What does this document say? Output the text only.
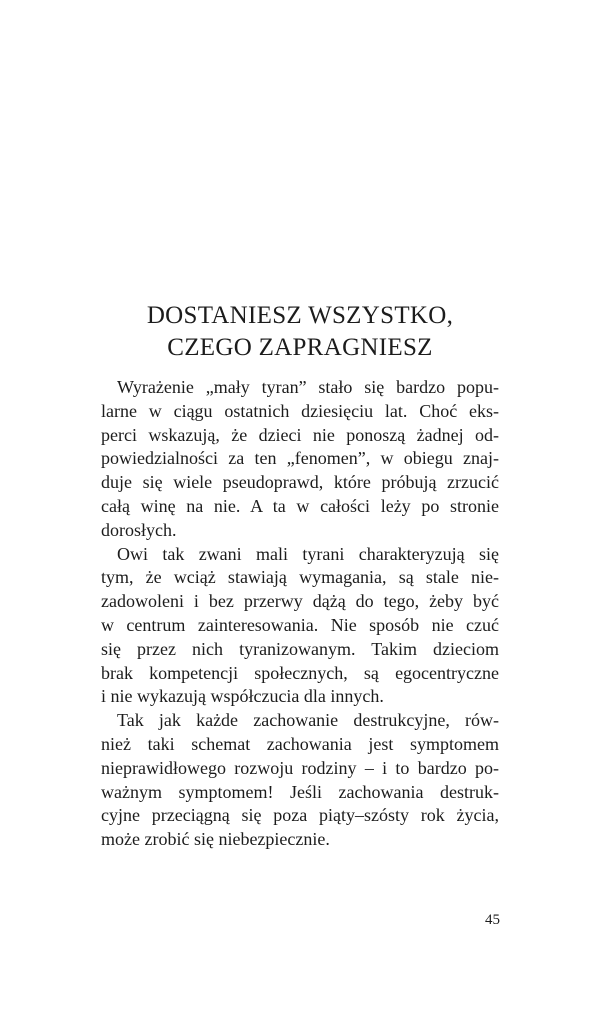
DOSTANIESZ WSZYSTKO,
CZEGO ZAPRAGNIESZ

Wyrażenie „mały tyran” stało się bardzo popu-
larne w ciągu ostatnich dziesięciu lat. Choć eks-
perci wskazują, że dzieci nie ponoszą żadnej od-
powiedzialności za ten „fenomen”, w obiegu znaj-
duje się wiele pseudoprawd, które próbują zrzucić
całą winę na nie. A ta w całości leży po stronie
dorosłych.

Owi tak zwani mali tyrani charakteryzują się
tym, że wciąż stawiają wymagania, są stale nie-
zadowoleni i bez przerwy dążą do tego, żeby być
w centrum zainteresowania. Nie sposób nie czuć
się przez nich tyranizowanym. Takim dzieciom
brak kompetencji społecznych, są egocentryczne
i nie wykazują współczucia dla innych.

Tak jak każde zachowanie destrukcyjne, rów-
nież taki schemat zachowania jest symptomem
nieprawidłowego rozwoju rodziny – i to bardzo po-
ważnym symptomem! Jeśli zachowania destruk-
cyjne przeciągną się poza piąty–szósty rok życia,
może zrobić się niebezpiecznie.

45
